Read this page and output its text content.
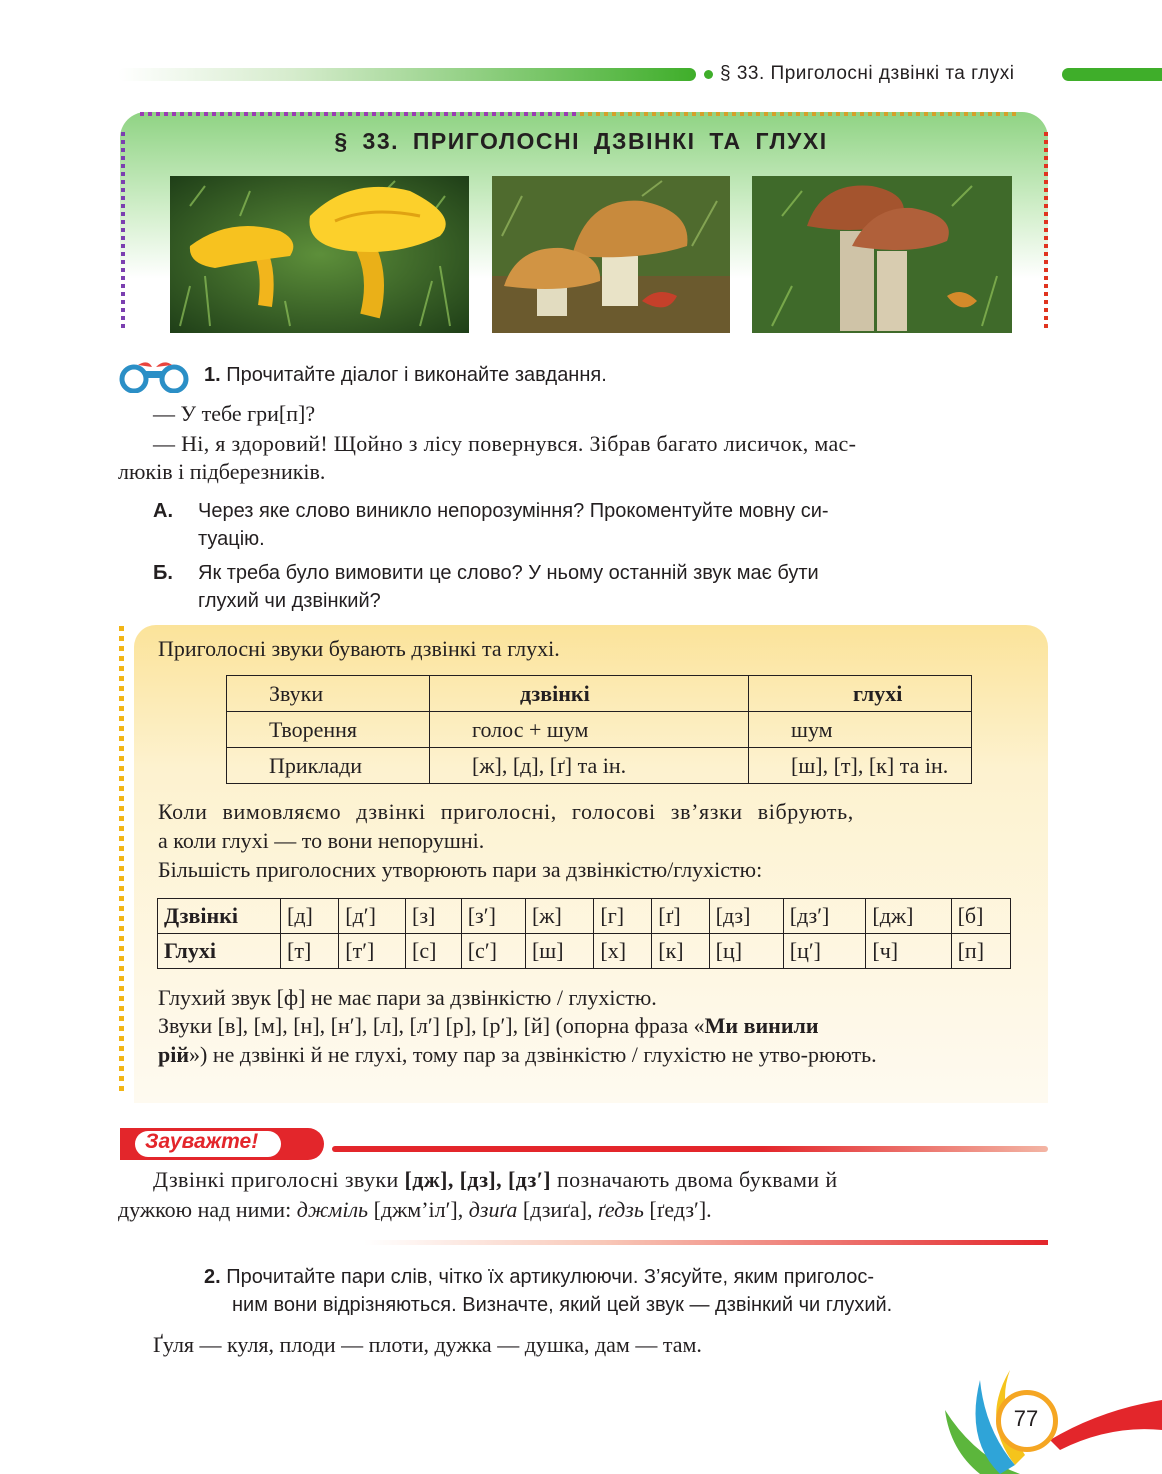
§ 33. Приголосні дзвінкі та глухі
§ 33. ПРИГОЛОСНІ ДЗВІНКІ ТА ГЛУХІ
1. Прочитайте діалог і виконайте завдання.
— У тебе гри[п]?
— Ні, я здоровий! Щойно з лісу повернувся. Зібрав багато лисичок, мас-
люків і підберезників.
А. Через яке слово виникло непорозуміння? Прокоментуйте мовну си-
туацію.
Б. Як треба було вимовити це слово? У ньому останній звук має бути
глухий чи дзвінкий?
Приголосні звуки бувають дзвінкі та глухі.
Звуки	дзвінкі	глухі
Творення	голос + шум	шум
Приклади	[ж], [д], [ґ] та ін.	[ш], [т], [к] та ін.
Коли вимовляємо дзвінкі приголосні, голосові зв’язки вібрують,
а коли глухі — то вони непорушні.
Більшість приголосних утворюють пари за дзвінкістю/глухістю:
Дзвінкі	[д]	[д′]	[з]	[з′]	[ж]	[г]	[ґ]	[дз]	[дз′]	[дж]	[б]
Глухі	[т]	[т′]	[с]	[с′]	[ш]	[х]	[к]	[ц]	[ц′]	[ч]	[п]
Глухий звук [ф] не має пари за дзвінкістю / глухістю.
Звуки [в], [м], [н], [н′], [л], [л′] [р], [р′], [й] (опорна фраза «Ми винили
рій») не дзвінкі й не глухі, тому пар за дзвінкістю / глухістю не утво-рюють.
Зауважте!
Дзвінкі приголосні звуки [дж], [дз], [дз′] позначають двома буквами й
дужкою над ними: джміль [джм’іл′], дзиґа [дзиґа], ґедзь [ґедз′].
2. Прочитайте пари слів, чітко їх артикулюючи. З’ясуйте, яким приголос-
ним вони відрізняються. Визначте, який цей звук — дзвінкий чи глухий.
Ґуля — куля, плоди — плоти, дужка — душка, дам — там.
77
